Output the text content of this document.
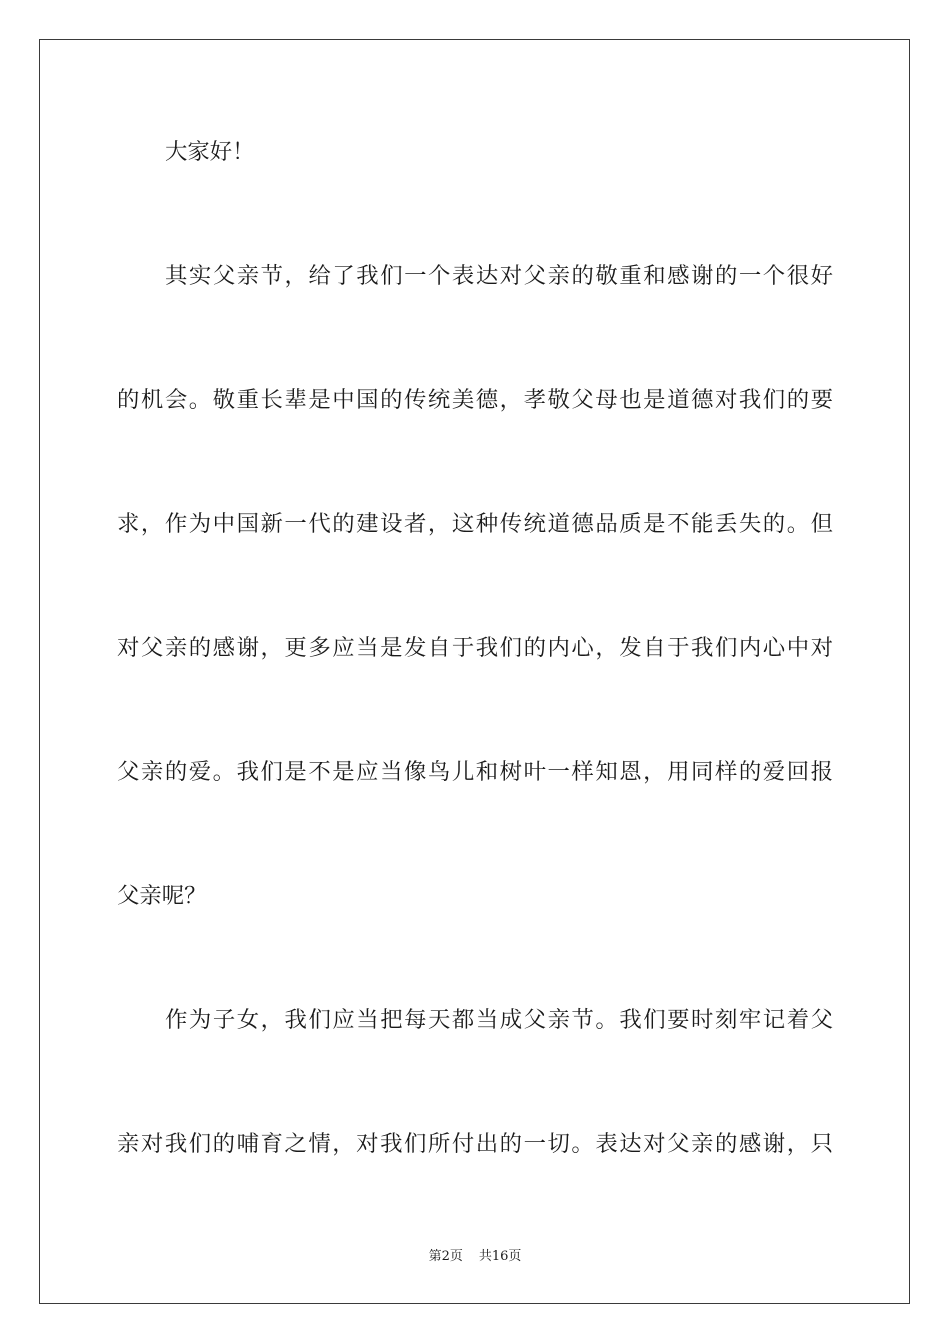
大家好！
其实父亲节，给了我们一个表达对父亲的敬重和感谢的一个很好
的机会。敬重长辈是中国的传统美德，孝敬父母也是道德对我们的要
求，作为中国新一代的建设者，这种传统道德品质是不能丢失的。但
对父亲的感谢，更多应当是发自于我们的内心，发自于我们内心中对
父亲的爱。我们是不是应当像鸟儿和树叶一样知恩，用同样的爱回报
父亲呢？
作为子女，我们应当把每天都当成父亲节。我们要时刻牢记着父
亲对我们的哺育之情，对我们所付出的一切。表达对父亲的感谢，只
第2页 共16页
